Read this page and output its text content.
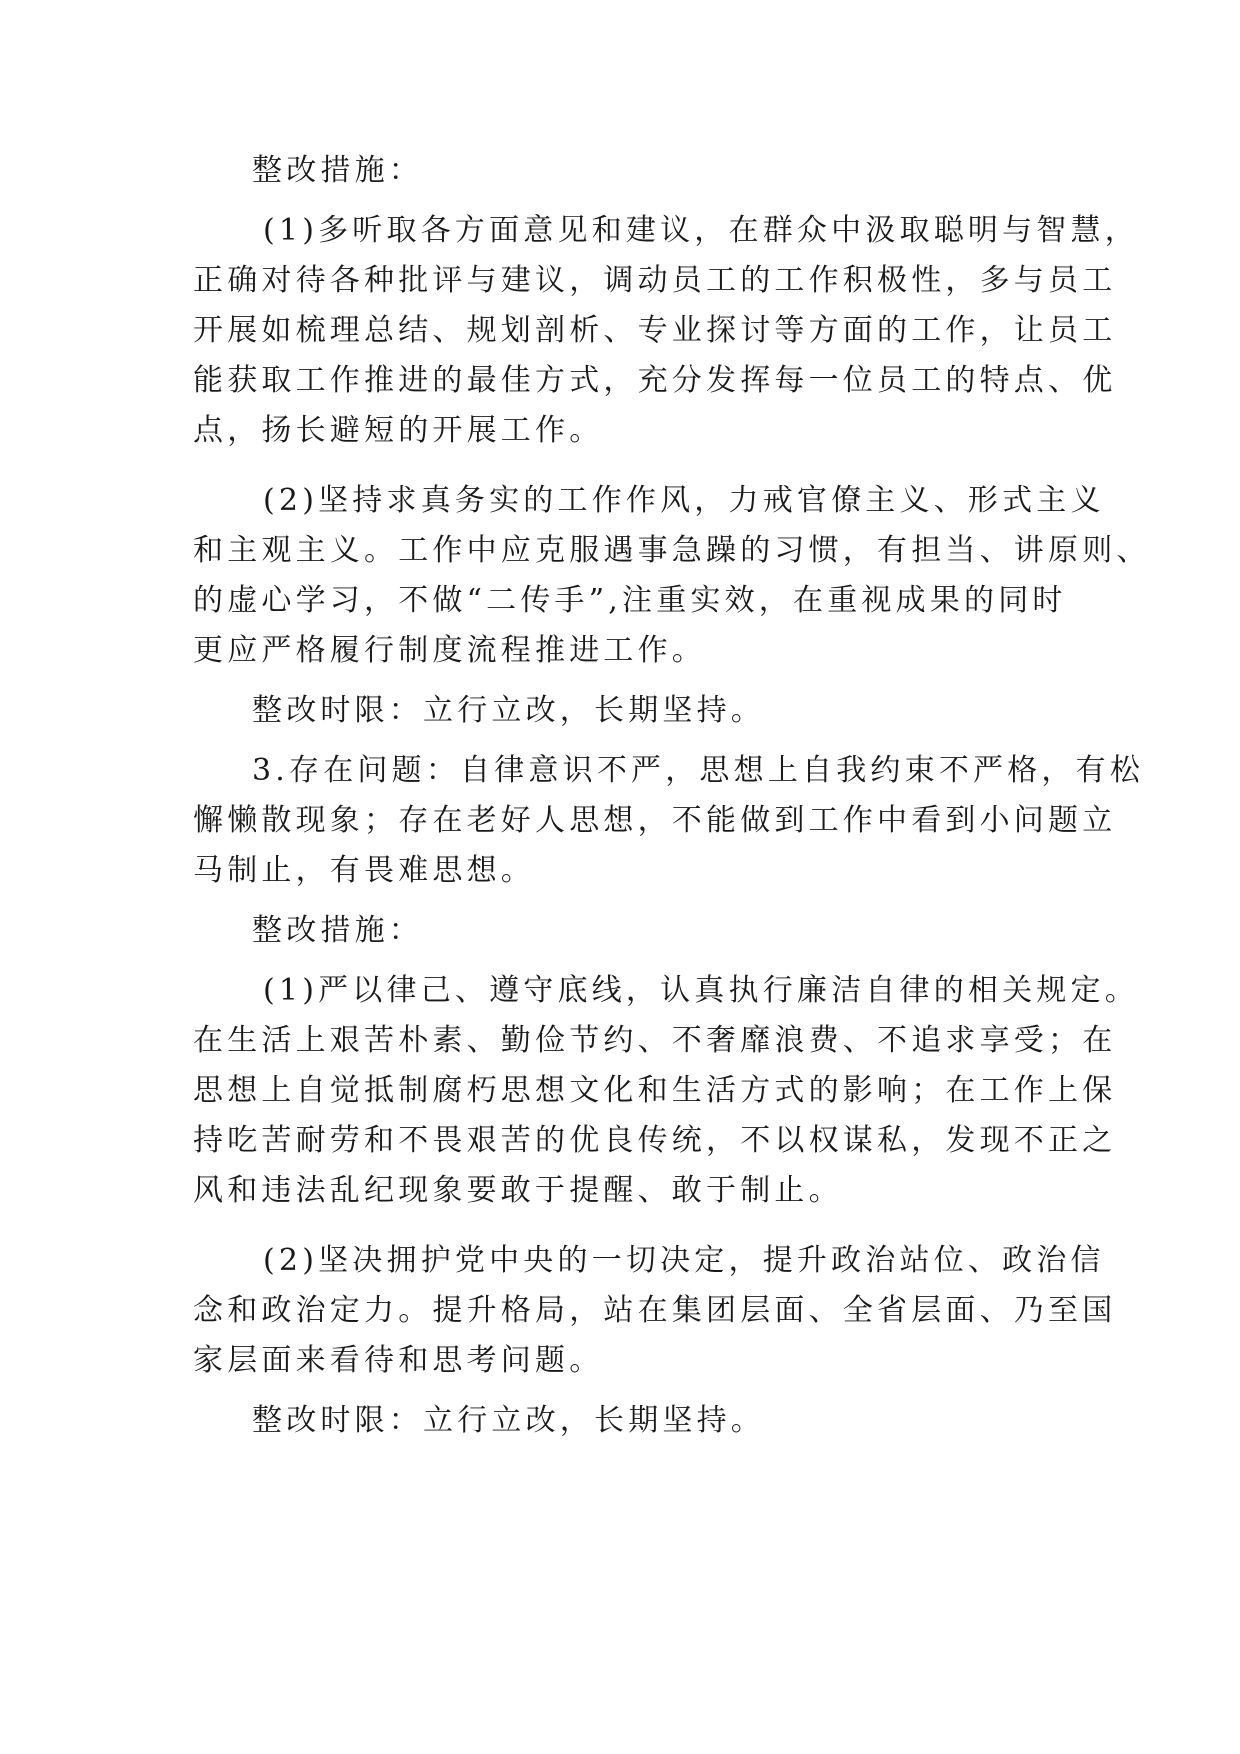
整改措施：
(1)多听取各方面意见和建议，在群众中汲取聪明与智慧，
正确对待各种批评与建议，调动员工的工作积极性，多与员工
开展如梳理总结、规划剖析、专业探讨等方面的工作，让员工
能获取工作推进的最佳方式，充分发挥每一位员工的特点、优
点，扬长避短的开展工作。
(2)坚持求真务实的工作作风，力戒官僚主义、形式主义
和主观主义。工作中应克服遇事急躁的习惯，有担当、讲原则、
的虚心学习，不做“二传手”,注重实效，在重视成果的同时
更应严格履行制度流程推进工作。
整改时限：立行立改，长期坚持。
3.存在问题：自律意识不严，思想上自我约束不严格，有松
懈懒散现象；存在老好人思想，不能做到工作中看到小问题立
马制止，有畏难思想。
整改措施：
(1)严以律己、遵守底线，认真执行廉洁自律的相关规定。
在生活上艰苦朴素、勤俭节约、不奢靡浪费、不追求享受；在
思想上自觉抵制腐朽思想文化和生活方式的影响；在工作上保
持吃苦耐劳和不畏艰苦的优良传统，不以权谋私，发现不正之
风和违法乱纪现象要敢于提醒、敢于制止。
(2)坚决拥护党中央的一切决定，提升政治站位、政治信
念和政治定力。提升格局，站在集团层面、全省层面、乃至国
家层面来看待和思考问题。
整改时限：立行立改，长期坚持。
